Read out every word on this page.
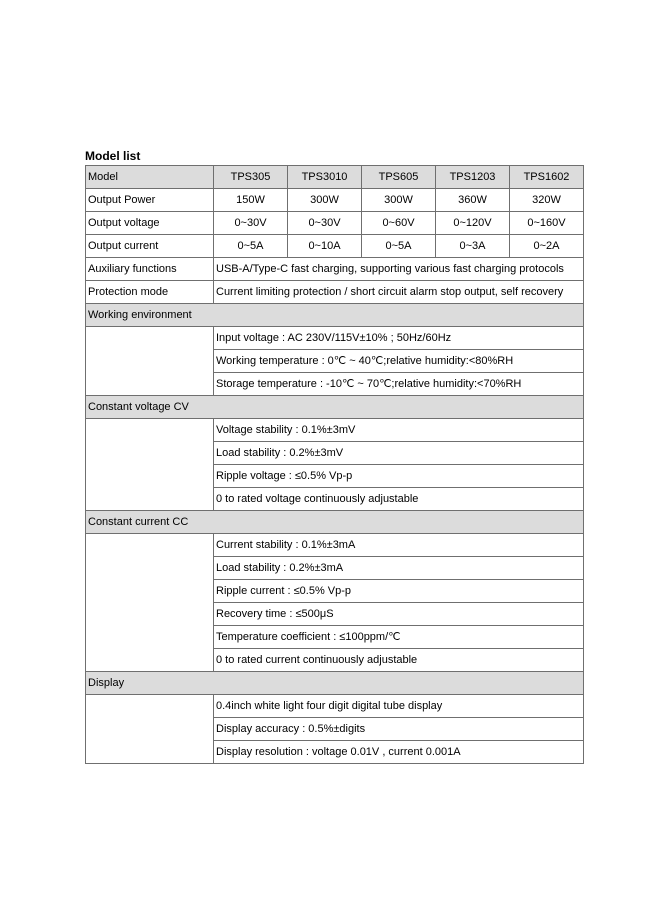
Model list
Model	TPS305	TPS3010	TPS605	TPS1203	TPS1602
Output Power	150W	300W	300W	360W	320W
Output voltage	0~30V	0~30V	0~60V	0~120V	0~160V
Output current	0~5A	0~10A	0~5A	0~3A	0~2A
Auxiliary functions	USB-A/Type-C fast charging, supporting various fast charging protocols				
Protection mode	Current limiting protection / short circuit alarm stop output, self recovery				
Working environment					
	Input voltage : AC 230V/115V±10% ; 50Hz/60Hz				
	Working temperature : 0℃ ~ 40℃;relative humidity:<80%RH				
	Storage temperature : -10℃ ~ 70℃;relative humidity:<70%RH				
Constant voltage CV					
	Voltage stability : 0.1%±3mV				
	Load stability : 0.2%±3mV				
	Ripple voltage : ≤0.5% Vp-p				
	0 to rated voltage continuously adjustable				
Constant current CC					
	Current stability : 0.1%±3mA				
	Load stability : 0.2%±3mA				
	Ripple current : ≤0.5% Vp-p				
	Recovery time : ≤500μS				
	Temperature coefficient : ≤100ppm/℃				
	0 to rated current continuously adjustable				
Display					
	0.4inch white light four digit digital tube display				
	Display accuracy : 0.5%±digits				
	Display resolution : voltage 0.01V , current 0.001A				
